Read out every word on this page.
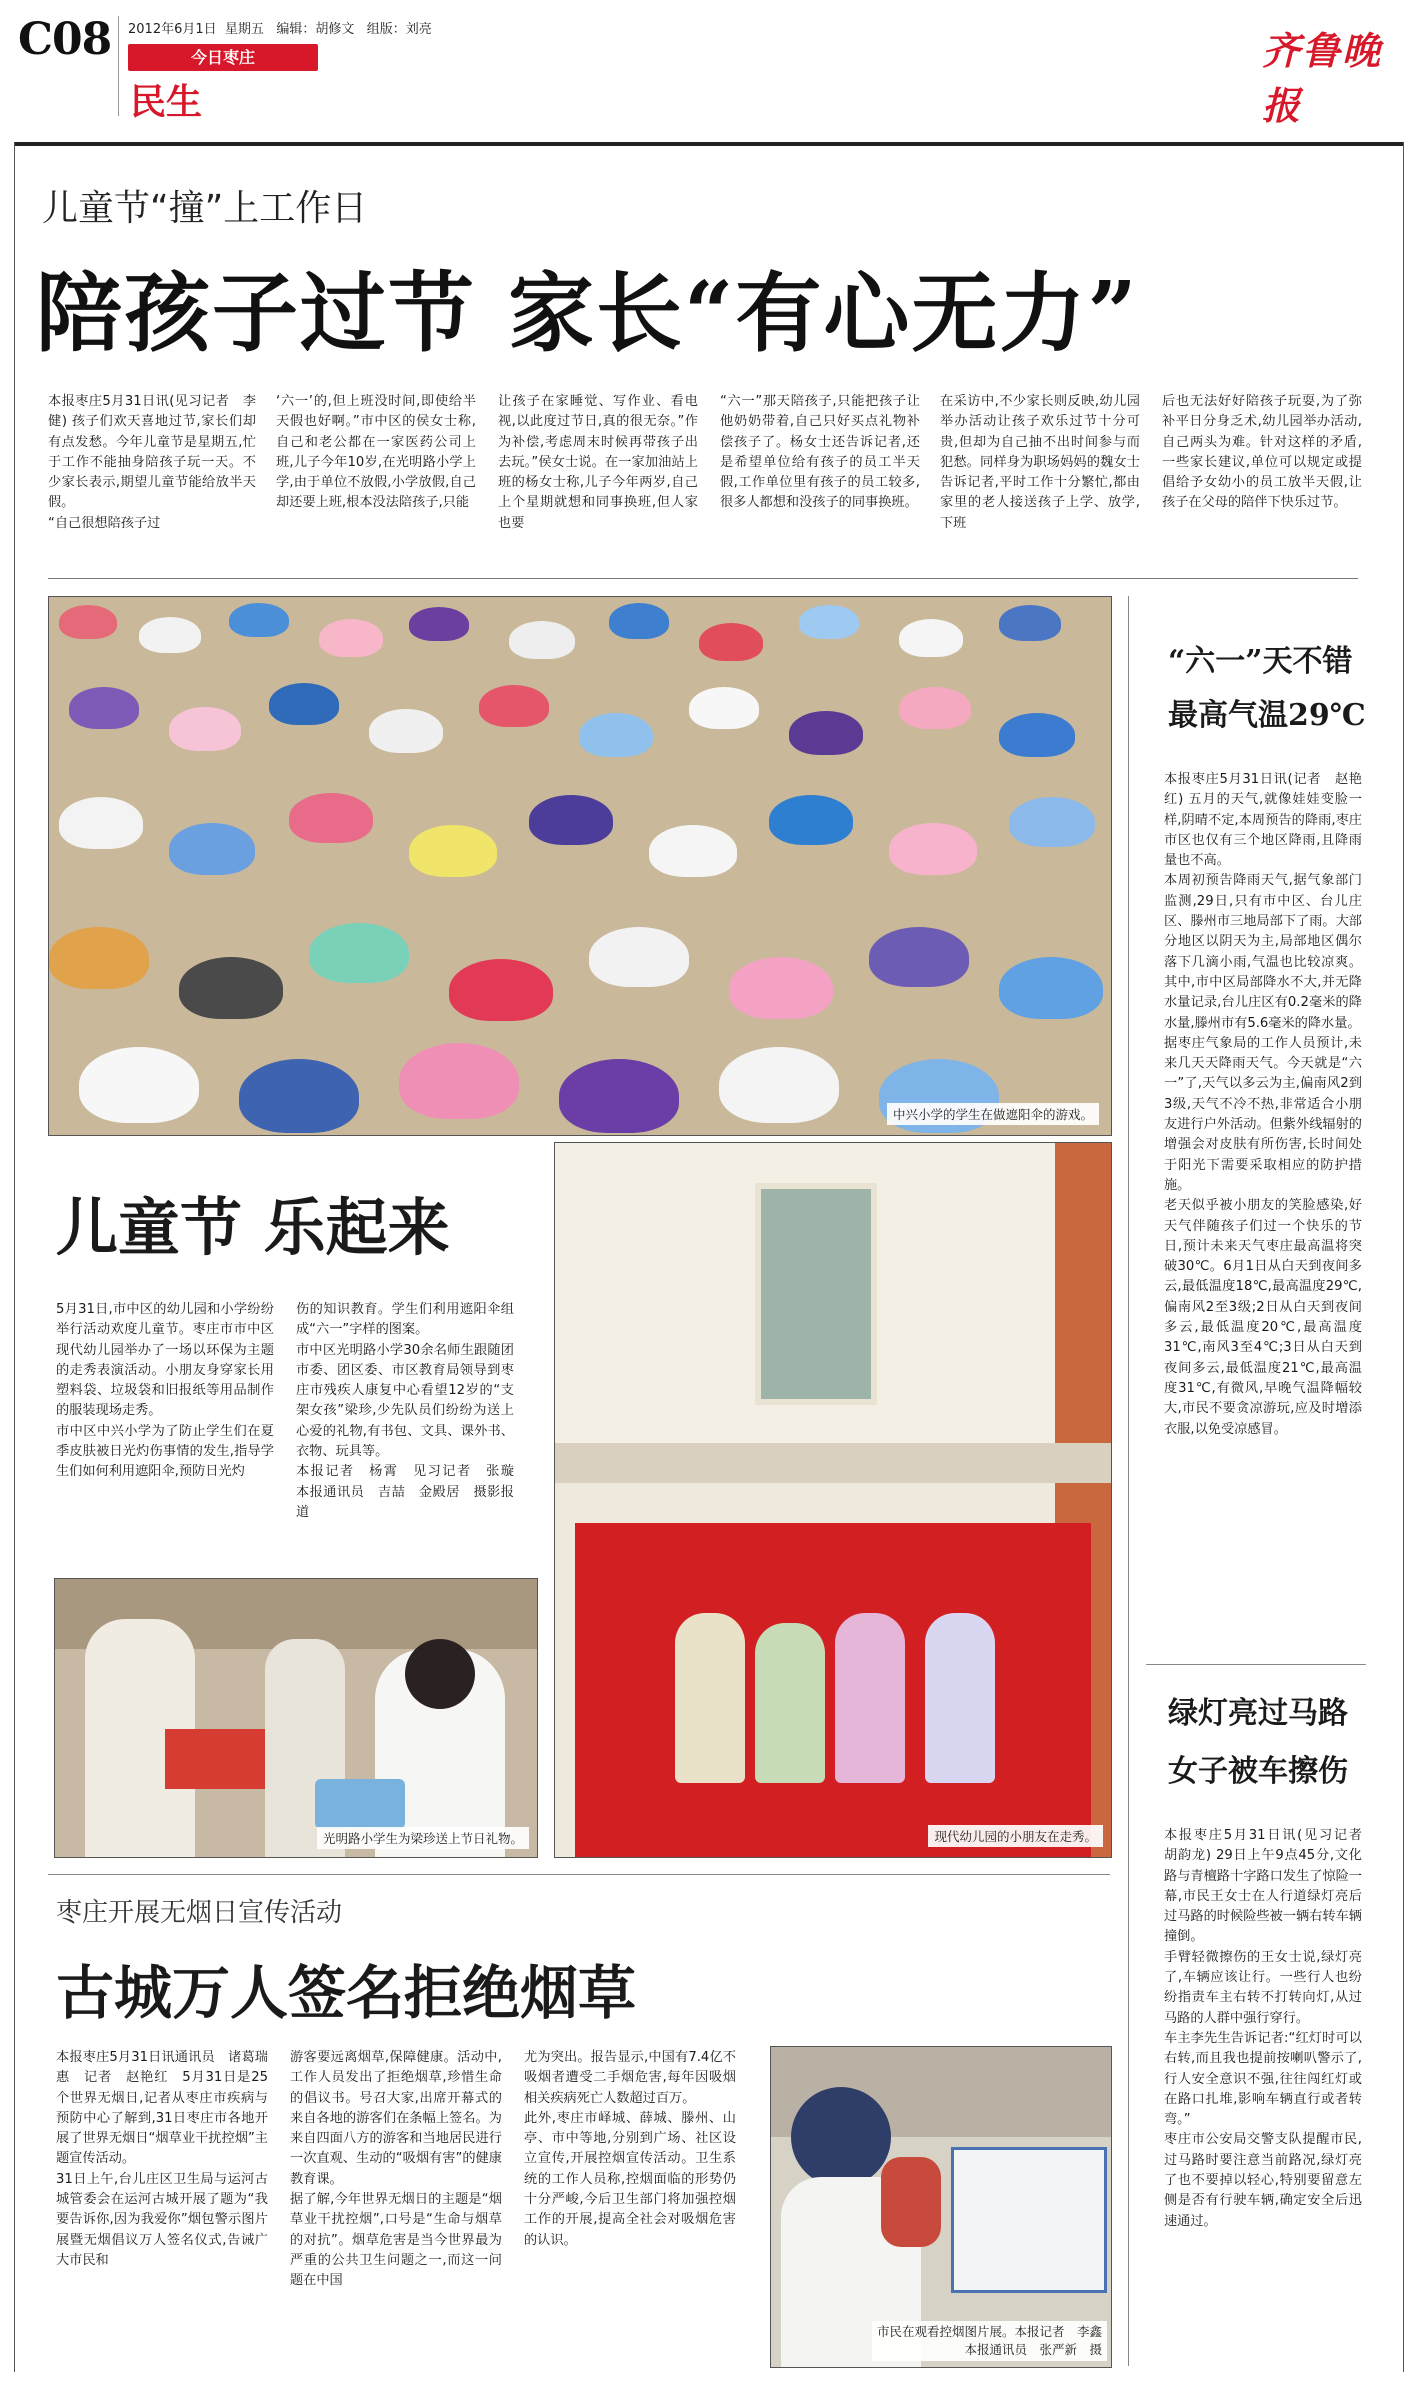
C08 2012年6月1日 星期五 编辑：胡修文 组版：刘亮
今日枣庄
民生
齐鲁晚报
儿童节“撞”上工作日
陪孩子过节 家长“有心无力”
本报枣庄5月31日讯(见习记者　李健) 孩子们欢天喜地过节,家长们却有点发愁。今年儿童节是星期五,忙于工作不能抽身陪孩子玩一天。不少家长表示,期望儿童节能给放半天假。
“自己很想陪孩子过
‘六一’的,但上班没时间,即使给半天假也好啊。”市中区的侯女士称,自己和老公都在一家医药公司上班,儿子今年10岁,在光明路小学上学,由于单位不放假,小学放假,自己却还要上班,根本没法陪孩子,只能
让孩子在家睡觉、写作业、看电视,以此度过节日,真的很无奈。”作为补偿,考虑周末时候再带孩子出去玩。”侯女士说。在一家加油站上班的杨女士称,儿子今年两岁,自己上个星期就想和同事换班,但人家也要
“六一”那天陪孩子,只能把孩子让他奶奶带着,自己只好买点礼物补偿孩子了。杨女士还告诉记者,还是希望单位给有孩子的员工半天假,工作单位里有孩子的员工较多,很多人都想和没孩子的同事换班。
在采访中,不少家长则反映,幼儿园举办活动让孩子欢乐过节十分可贵,但却为自己抽不出时间参与而犯愁。同样身为职场妈妈的魏女士告诉记者,平时工作十分繁忙,都由家里的老人接送孩子上学、放学,下班
后也无法好好陪孩子玩耍,为了弥补平日分身乏术,幼儿园举办活动,自己两头为难。针对这样的矛盾,一些家长建议,单位可以规定或提倡给予女幼小的员工放半天假,让孩子在父母的陪伴下快乐过节。
中兴小学的学生在做遮阳伞的游戏。
“六一”天不错
最高气温29℃
本报枣庄5月31日讯(记者　赵艳红) 五月的天气,就像娃娃变脸一样,阴晴不定,本周预告的降雨,枣庄市区也仅有三个地区降雨,且降雨量也不高。
本周初预告降雨天气,据气象部门监测,29日,只有市中区、台儿庄区、滕州市三地局部下了雨。大部分地区以阴天为主,局部地区偶尔落下几滴小雨,气温也比较凉爽。其中,市中区局部降水不大,并无降水量记录,台儿庄区有0.2毫米的降水量,滕州市有5.6毫米的降水量。
据枣庄气象局的工作人员预计,未来几天天降雨天气。今天就是“六一”了,天气以多云为主,偏南风2到3级,天气不冷不热,非常适合小朋友进行户外活动。但紫外线辐射的增强会对皮肤有所伤害,长时间处于阳光下需要采取相应的防护措施。
老天似乎被小朋友的笑脸感染,好天气伴随孩子们过一个快乐的节日,预计未来天气枣庄最高温将突破30℃。6月1日从白天到夜间多云,最低温度18℃,最高温度29℃,偏南风2至3级;2日从白天到夜间多云,最低温度20℃,最高温度31℃,南风3至4℃;3日从白天到夜间多云,最低温度21℃,最高温度31℃,有微风,早晚气温降幅较大,市民不要贪凉游玩,应及时增添衣服,以免受凉感冒。
绿灯亮过马路
女子被车擦伤
本报枣庄5月31日讯(见习记者　胡韵龙) 29日上午9点45分,文化路与青檀路十字路口发生了惊险一幕,市民王女士在人行道绿灯亮后过马路的时候险些被一辆右转车辆撞倒。
手臂轻微擦伤的王女士说,绿灯亮了,车辆应该让行。一些行人也纷纷指责车主右转不打转向灯,从过马路的人群中强行穿行。
车主李先生告诉记者:“红灯时可以右转,而且我也提前按喇叭警示了,行人安全意识不强,往往闯红灯或在路口扎堆,影响车辆直行或者转弯。”
枣庄市公安局交警支队提醒市民,过马路时要注意当前路况,绿灯亮了也不要掉以轻心,特别要留意左侧是否有行驶车辆,确定安全后迅速通过。
儿童节 乐起来
5月31日,市中区的幼儿园和小学纷纷举行活动欢度儿童节。枣庄市市中区现代幼儿园举办了一场以环保为主题的走秀表演活动。小朋友身穿家长用塑料袋、垃圾袋和旧报纸等用品制作的服装现场走秀。
市中区中兴小学为了防止学生们在夏季皮肤被日光灼伤事情的发生,指导学生们如何利用遮阳伞,预防日光灼
伤的知识教育。学生们利用遮阳伞组成“六一”字样的图案。
市中区光明路小学30余名师生跟随团市委、团区委、市区教育局领导到枣庄市残疾人康复中心看望12岁的“支架女孩”梁珍,少先队员们纷纷为送上心爱的礼物,有书包、文具、课外书、衣物、玩具等。
本报记者　杨霄　见习记者　张璇　本报通讯员　吉喆　金殿居　摄影报道
光明路小学生为梁珍送上节日礼物。	现代幼儿园的小朋友在走秀。
枣庄开展无烟日宣传活动
古城万人签名拒绝烟草
本报枣庄5月31日讯通讯员　诸葛瑞惠　记者　赵艳红　5月31日是25个世界无烟日,记者从枣庄市疾病与预防中心了解到,31日枣庄市各地开展了世界无烟日“烟草业干扰控烟”主题宣传活动。
31日上午,台儿庄区卫生局与运河古城管委会在运河古城开展了题为“我要告诉你,因为我爱你”烟包警示图片展暨无烟倡议万人签名仪式,告诫广大市民和
游客要远离烟草,保障健康。活动中,工作人员发出了拒绝烟草,珍惜生命的倡议书。号召大家,出席开幕式的来自各地的游客们在条幅上签名。为来自四面八方的游客和当地居民进行一次直观、生动的“吸烟有害”的健康教育课。
据了解,今年世界无烟日的主题是“烟草业干扰控烟”,口号是“生命与烟草的对抗”。烟草危害是当今世界最为严重的公共卫生问题之一,而这一问题在中国
尤为突出。报告显示,中国有7.4亿不吸烟者遭受二手烟危害,每年因吸烟相关疾病死亡人数超过百万。
此外,枣庄市峄城、薛城、滕州、山亭、市中等地,分别到广场、社区设立宣传,开展控烟宣传活动。卫生系统的工作人员称,控烟面临的形势仍十分严峻,今后卫生部门将加强控烟工作的开展,提高全社会对吸烟危害的认识。
市民在观看控烟图片展。本报记者　李鑫
本报通讯员　张严新　摄
